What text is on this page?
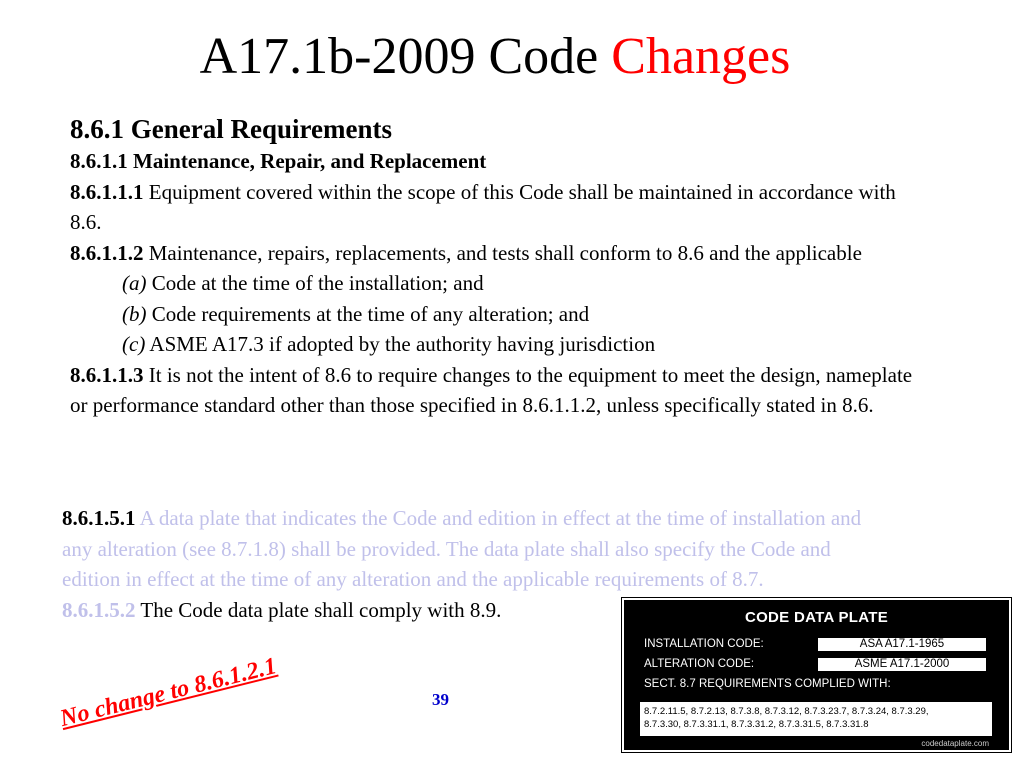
A17.1b-2009 Code Changes
8.6.1 General Requirements
8.6.1.1 Maintenance, Repair, and Replacement
8.6.1.1.1 Equipment covered within the scope of this Code shall be maintained in accordance with 8.6.
8.6.1.1.2 Maintenance, repairs, replacements, and tests shall conform to 8.6 and the applicable
(a) Code at the time of the installation; and
(b) Code requirements at the time of any alteration; and
(c) ASME A17.3 if adopted by the authority having jurisdiction
8.6.1.1.3 It is not the intent of 8.6 to require changes to the equipment to meet the design, nameplate or performance standard other than those specified in 8.6.1.1.2, unless specifically stated in 8.6.
8.6.1.5.1 A data plate that indicates the Code and edition in effect at the time of installation and any alteration (see 8.7.1.8) shall be provided. The data plate shall also specify the Code and edition in effect at the time of any alteration and the applicable requirements of 8.7.
8.6.1.5.2 The Code data plate shall comply with 8.9.
No change to 8.6.1.2.1	39
CODE DATA PLATE
INSTALLATION CODE:	ASA A17.1-1965
ALTERATION CODE:	ASME A17.1-2000
SECT. 8.7 REQUIREMENTS COMPLIED WITH:
8.7.2.11.5, 8.7.2.13, 8.7.3.8, 8.7.3.12, 8.7.3.23.7, 8.7.3.24, 8.7.3.29,
8.7.3.30, 8.7.3.31.1, 8.7.3.31.2, 8.7.3.31.5, 8.7.3.31.8
codedataplate.com
